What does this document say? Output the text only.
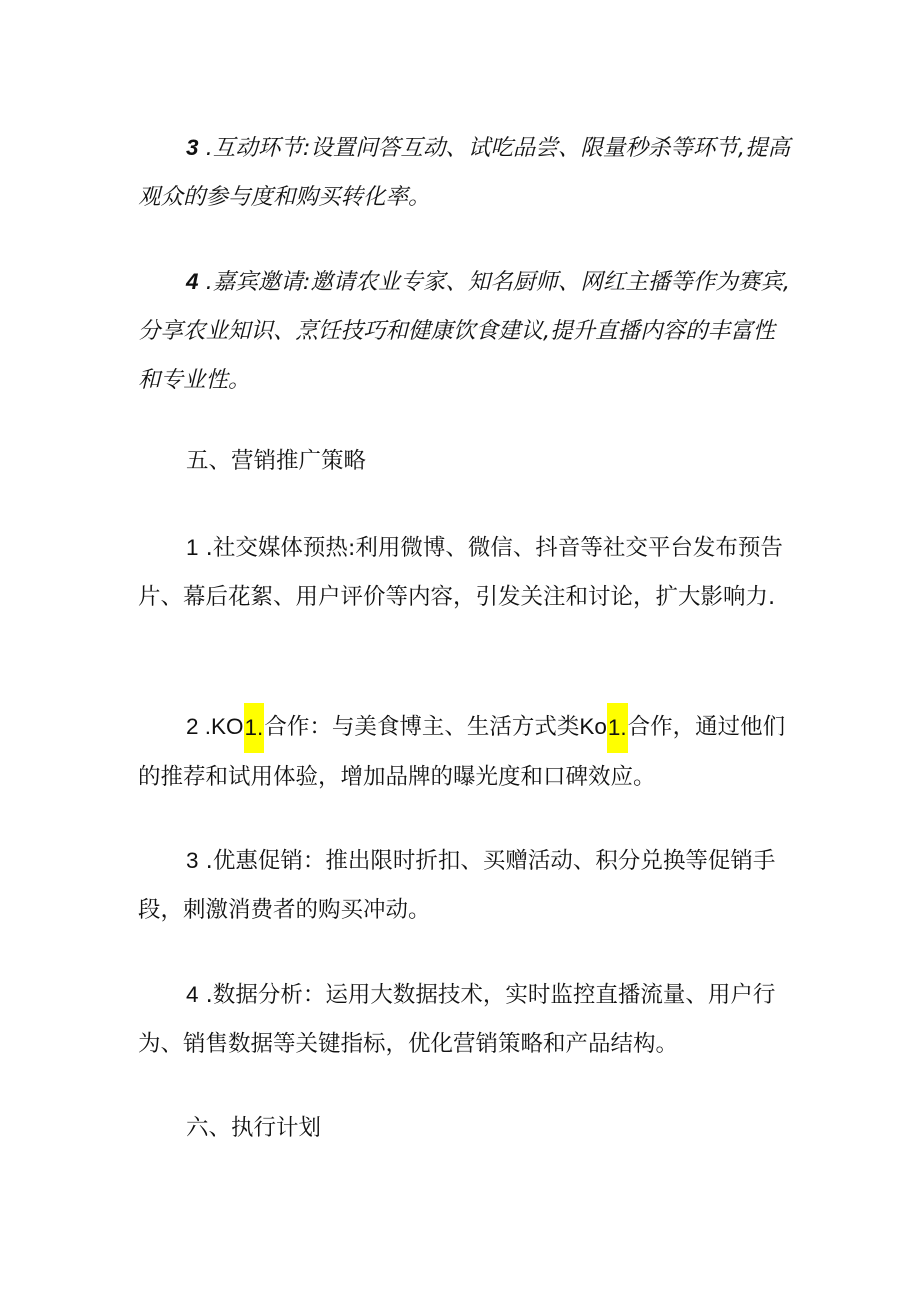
3 .互动环节:设置问答互动、试吃品尝、限量秒杀等环节,提高观众的参与度和购买转化率。

4 .嘉宾邀请:邀请农业专家、知名厨师、网红主播等作为赛宾,分享农业知识、烹饪技巧和健康饮食建议,提升直播内容的丰富性和专业性。

五、营销推广策略

1 .社交媒体预热:利用微博、微信、抖音等社交平台发布预告片、幕后花絮、用户评价等内容，引发关注和讨论，扩大影响力.

2 .KO1.合作：与美食博主、生活方式类Ko1.合作，通过他们的推荐和试用体验，增加品牌的曝光度和口碑效应。

3 .优惠促销：推出限时折扣、买赠活动、积分兑换等促销手段，刺激消费者的购买冲动。

4 .数据分析：运用大数据技术，实时监控直播流量、用户行为、销售数据等关键指标，优化营销策略和产品结构。

六、执行计划
